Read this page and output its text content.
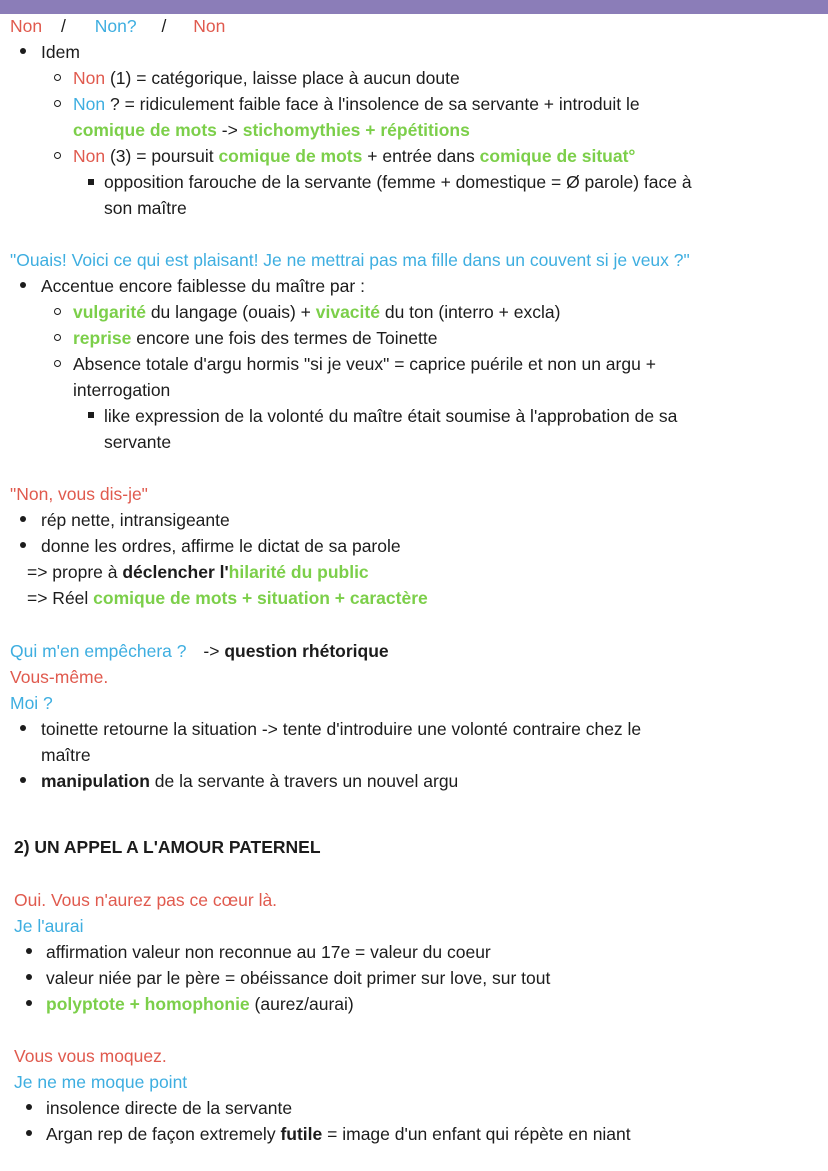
Non / Non? / Non
Idem
Non (1) = catégorique, laisse place à aucun doute
Non ? = ridiculement faible face à l'insolence de sa servante + introduit le
comique de mots -> stichomythies + répétitions
Non (3) = poursuit comique de mots + entrée dans comique de situat°
opposition farouche de la servante (femme + domestique = Ø parole) face à
son maître
"Ouais! Voici ce qui est plaisant! Je ne mettrai pas ma fille dans un couvent si je veux ?"
Accentue encore faiblesse du maître par :
vulgarité du langage (ouais) + vivacité du ton (interro + excla)
reprise encore une fois des termes de Toinette
Absence totale d'argu hormis "si je veux" = caprice puérile et non un argu +
interrogation
like expression de la volonté du maître était soumise à l'approbation de sa
servante
"Non, vous dis-je"
rép nette, intransigeante
donne les ordres, affirme le dictat de sa parole
=> propre à déclencher l'hilarité du public
=> Réel comique de mots + situation + caractère
Qui m'en empêchera ? -> question rhétorique
Vous-même.
Moi ?
toinette retourne la situation -> tente d'introduire une volonté contraire chez le
maître
manipulation de la servante à travers un nouvel argu
2) UN APPEL A L'AMOUR PATERNEL
Oui. Vous n'aurez pas ce cœur là.
Je l'aurai
affirmation valeur non reconnue au 17e = valeur du coeur
valeur niée par le père = obéissance doit primer sur love, sur tout
polyptote + homophonie (aurez/aurai)
Vous vous moquez.
Je ne me moque point
insolence directe de la servante
Argan rep de façon extremely futile = image d'un enfant qui répète en niant
